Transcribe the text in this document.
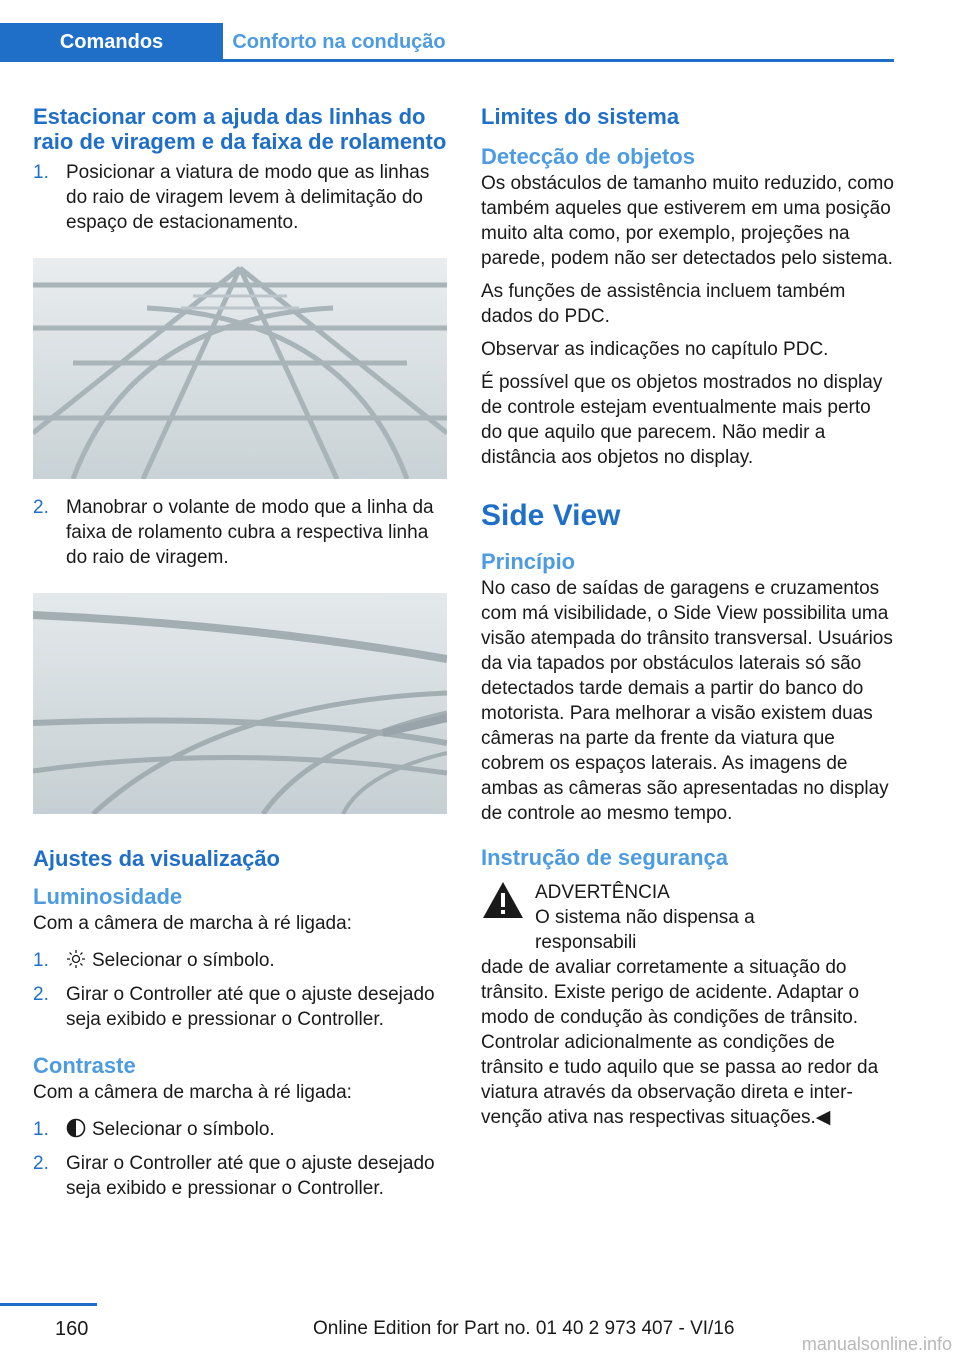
Comandos	Conforto na condução
Estacionar com a ajuda das linhas do raio de viragem e da faixa de rolamento
1. Posicionar a viatura de modo que as linhas do raio de viragem levem à delimitação do espaço de estacionamento.
2. Manobrar o volante de modo que a linha da faixa de rolamento cubra a respectiva linha do raio de viragem.
Ajustes da visualização
Luminosidade

Com a câmera de marcha à ré ligada:

1.	Selecionar o símbolo.
2. Girar o Controller até que o ajuste desejado seja exibido e pressionar o Controller.
Contraste

Com a câmera de marcha à ré ligada:

1.	Selecionar o símbolo.
2. Girar o Controller até que o ajuste desejado seja exibido e pressionar o Controller.
Limites do sistema
Detecção de objetos

Os obstáculos de tamanho muito reduzido, como também aqueles que estiverem em uma posição muito alta como, por exemplo, projeções na parede, podem não ser detectados pelo sistema.

As funções de assistência incluem também dados do PDC.

Observar as indicações no capítulo PDC.

É possível que os objetos mostrados no display de controle estejam eventualmente mais perto do que aquilo que parecem. Não medir a distância aos objetos no display.

Side View
Princípio

No caso de saídas de garagens e cruzamentos com má visibilidade, o Side View possibilita uma visão atempada do trânsito transversal. Usuários da via tapados por obstáculos laterais só são detectados tarde demais a partir do banco do motorista. Para melhorar a visão existem duas câmeras na parte da frente da viatura que cobrem os espaços laterais. As imagens de ambas as câmeras são apresentadas no display de controle ao mesmo tempo.

Instrução de segurança

ADVERTÊNCIA

O sistema não dispensa a responsabili

dade de avaliar corretamente a situação do trânsito. Existe perigo de acidente. Adaptar o modo de condução às condições de trânsito. Controlar adicionalmente as condições de trânsito e tudo aquilo que se passa ao redor da viatura através da observação direta e intervenção ativa nas respectivas situações.◀

160	Online Edition for Part no. 01 40 2 973 407 - VI/16
manualsonline.info
